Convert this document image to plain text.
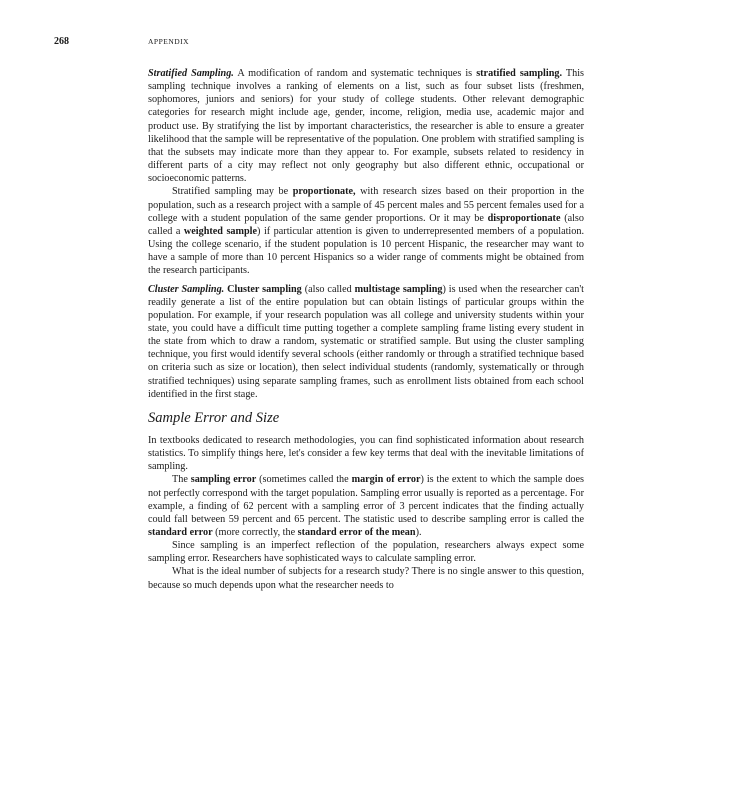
268	APPENDIX

Stratified Sampling. A modification of random and systematic techniques is stratified sampling. This sampling technique involves a ranking of elements on a list, such as four subset lists (freshmen, sophomores, juniors and seniors) for your study of college students. Other relevant demographic categories for research might include age, gender, income, religion, media use, academic major and product use. By stratifying the list by important characteristics, the researcher is able to ensure a greater likelihood that the sample will be representative of the population. One problem with stratified sampling is that the subsets may indicate more than they appear to. For example, subsets related to residency in different parts of a city may reflect not only geography but also different ethnic, occupational or socioeconomic patterns.

Stratified sampling may be proportionate, with research sizes based on their proportion in the population, such as a research project with a sample of 45 percent males and 55 percent females used for a college with a student population of the same gender proportions. Or it may be disproportionate (also called a weighted sample) if particular attention is given to underrepresented members of a population. Using the college scenario, if the student population is 10 percent Hispanic, the researcher may want to have a sample of more than 10 percent Hispanics so a wider range of comments might be obtained from the research participants.

Cluster Sampling. Cluster sampling (also called multistage sampling) is used when the researcher can't readily generate a list of the entire population but can obtain listings of particular groups within the population. For example, if your research population was all college and university students within your state, you could have a difficult time putting together a complete sampling frame listing every student in the state from which to draw a random, systematic or stratified sample. But using the cluster sampling technique, you first would identify several schools (either randomly or through a stratified technique based on criteria such as size or location), then select individual students (randomly, systematically or through stratified techniques) using separate sampling frames, such as enrollment lists obtained from each school identified in the first stage.

Sample Error and Size

In textbooks dedicated to research methodologies, you can find sophisticated information about research statistics. To simplify things here, let's consider a few key terms that deal with the inevitable limitations of sampling.

The sampling error (sometimes called the margin of error) is the extent to which the sample does not perfectly correspond with the target population. Sampling error usually is reported as a percentage. For example, a finding of 62 percent with a sampling error of 3 percent indicates that the finding actually could fall between 59 percent and 65 percent. The statistic used to describe sampling error is called the standard error (more correctly, the standard error of the mean).

Since sampling is an imperfect reflection of the population, researchers always expect some sampling error. Researchers have sophisticated ways to calculate sampling error.

What is the ideal number of subjects for a research study? There is no single answer to this question, because so much depends upon what the researcher needs to
